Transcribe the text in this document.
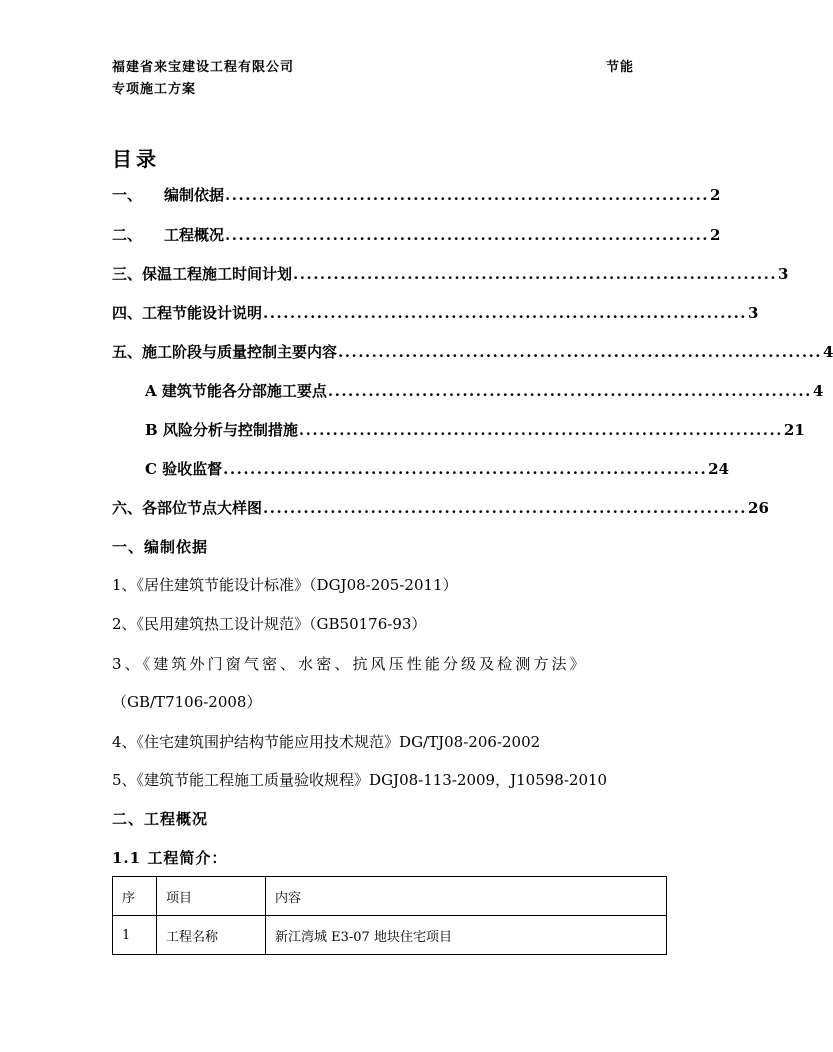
福建省来宝建设工程有限公司	节能
专项施工方案
目录
一、 编制依据 ........................................................................ 2
二、 工程概况 ........................................................................ 2
三、 保温工程施工时间计划 ........................................................................ 3
四、 工程节能设计说明 ........................................................................ 3
五、 施工阶段与质量控制主要内容 ........................................................................ 4
A 建筑节能各分部施工要点 ........................................................................ 4
B 风险分析与控制措施 ........................................................................ 21
C 验收监督 ........................................................................ 24
六、 各部位节点大样图 ........................................................................ 26
一、编制依据
1、《居住建筑节能设计标准》（DGJ08-205-2011）
2、《民用建筑热工设计规范》（GB50176-93）
3、《建筑外门窗气密、水密、抗风压性能分级及检测方法》
（GB/T7106-2008）
4、《住宅建筑围护结构节能应用技术规范》DG/TJ08-206-2002
5、《建筑节能工程施工质量验收规程》DGJ08-113-2009，J10598-2010
二、工程概况
1.1 工程简介：
序	项目	内容
1	工程名称	新江湾城 E3-07 地块住宅项目
